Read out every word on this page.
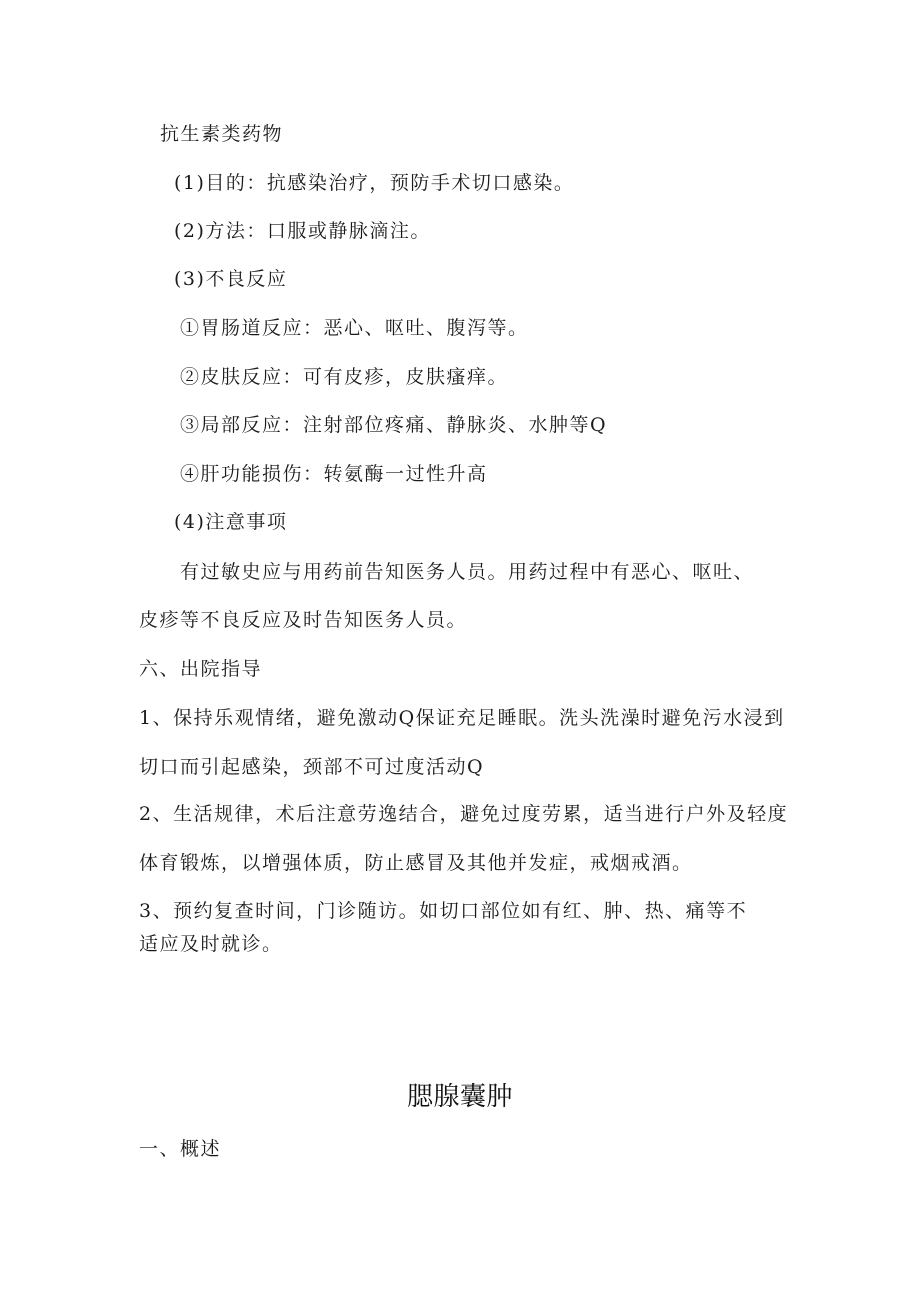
抗生素类药物
(1)目的：抗感染治疗，预防手术切口感染。
(2)方法：口服或静脉滴注。
(3)不良反应
①胃肠道反应：恶心、呕吐、腹泻等。
②皮肤反应：可有皮疹，皮肤瘙痒。
③局部反应：注射部位疼痛、静脉炎、水肿等Q
④肝功能损伤：转氨酶一过性升高
(4)注意事项
有过敏史应与用药前告知医务人员。用药过程中有恶心、呕吐、
皮疹等不良反应及时告知医务人员。
六、出院指导
1、保持乐观情绪，避免激动Q保证充足睡眠。洗头洗澡时避免污水浸到
切口而引起感染，颈部不可过度活动Q
2、生活规律，术后注意劳逸结合，避免过度劳累，适当进行户外及轻度
体育锻炼，以增强体质，防止感冒及其他并发症，戒烟戒酒。
3、预约复查时间，门诊随访。如切口部位如有红、肿、热、痛等不
适应及时就诊。
腮腺囊肿
一、概述
